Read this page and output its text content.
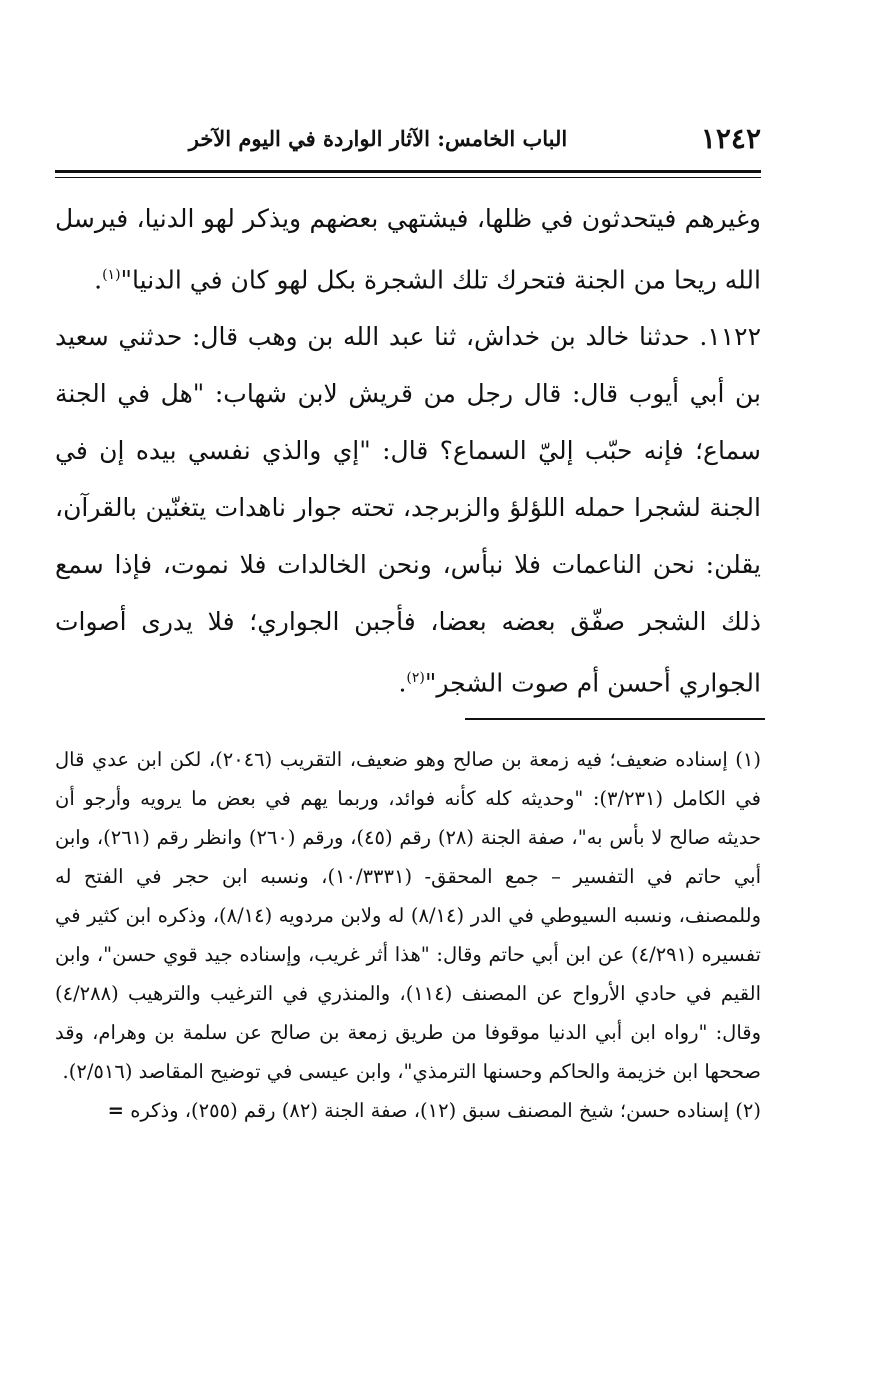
١٢٤٢
الباب الخامس: الآثار الواردة في اليوم الآخر

وغيرهم فيتحدثون في ظلها، فيشتهي بعضهم ويذكر لهو الدنيا، فيرسل الله ريحا من الجنة فتحرك تلك الشجرة بكل لهو كان في الدنيا"$^{(١)}$.

١١٢٢. حدثنا خالد بن خداش، ثنا عبد الله بن وهب قال: حدثني سعيد بن أبي أيوب قال: قال رجل من قريش لابن شهاب: "هل في الجنة سماع؛ فإنه حبّب إليّ السماع؟ قال: "إي والذي نفسي بيده إن في الجنة لشجرا حمله اللؤلؤ والزبرجد، تحته جوار ناهدات يتغنّين بالقرآن، يقلن: نحن الناعمات فلا نبأس، ونحن الخالدات فلا نموت، فإذا سمع ذلك الشجر صفّق بعضه بعضا، فأجبن الجواري؛ فلا يدرى أصوات الجواري أحسن أم صوت الشجر"$^{(٢)}$.

(١) إسناده ضعيف؛ فيه زمعة بن صالح وهو ضعيف، التقريب (٢٠٤٦)، لكن ابن عدي قال في الكامل (٣/٢٣١): "وحديثه كله كأنه فوائد، وربما يهم في بعض ما يرويه وأرجو أن حديثه صالح لا بأس به"، صفة الجنة (٢٨) رقم (٤٥)، ورقم (٢٦٠) وانظر رقم (٢٦١)، وابن أبي حاتم في التفسير – جمع المحقق- (١٠/٣٣٣١)، ونسبه ابن حجر في الفتح له وللمصنف، ونسبه السيوطي في الدر (٨/١٤) له ولابن مردويه (٨/١٤)، وذكره ابن كثير في تفسيره (٤/٢٩١) عن ابن أبي حاتم وقال: "هذا أثر غريب، وإسناده جيد قوي حسن"، وابن القيم في حادي الأرواح عن المصنف (١١٤)، والمنذري في الترغيب والترهيب (٤/٢٨٨) وقال: "رواه ابن أبي الدنيا موقوفا من طريق زمعة بن صالح عن سلمة بن وهرام، وقد صححها ابن خزيمة والحاكم وحسنها الترمذي"، وابن عيسى في توضيح المقاصد (٢/٥١٦).

(٢) إسناده حسن؛ شيخ المصنف سبق (١٢)، صفة الجنة (٨٢) رقم (٢٥٥)، وذكره =
